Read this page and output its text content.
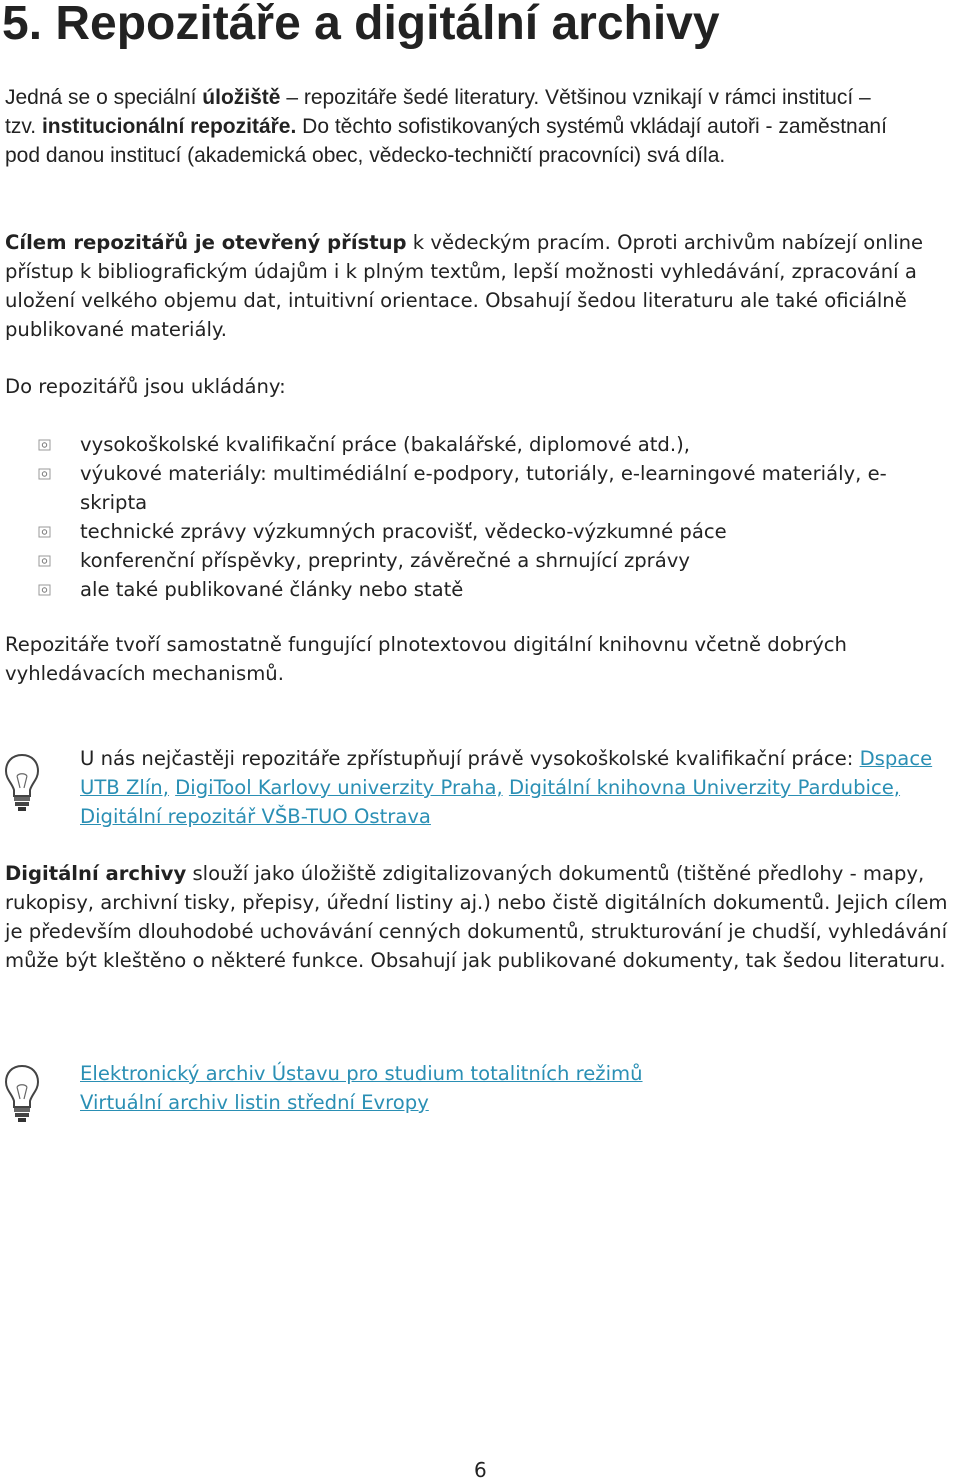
5. Repozitáře a digitální archivy

Jedná se o speciální úložiště – repozitáře šedé literatury. Většinou vznikají v rámci institucí – tzv. institucionální repozitáře. Do těchto sofistikovaných systémů vkládají autoři - zaměstnaní pod danou institucí (akademická obec, vědecko-techničtí pracovníci) svá díla.

Cílem repozitářů je otevřený přístup k vědeckým pracím. Oproti archivům nabízejí online přístup k bibliografickým údajům i k plným textům, lepší možnosti vyhledávání, zpracování a uložení velkého objemu dat, intuitivní orientace. Obsahují šedou literaturu ale také oficiálně publikované materiály.

Do repozitářů jsou ukládány:

vysokoškolské kvalifikační práce (bakalářské, diplomové atd.),
výukové materiály: multimédiální e-podpory, tutoriály, e-learningové materiály, e-skripta
technické zprávy výzkumných pracovišť, vědecko-výzkumné páce
konferenční příspěvky, preprinty, závěrečné a shrnující zprávy
ale také publikované články nebo statě

Repozitáře tvoří samostatně fungující plnotextovou digitální knihovnu včetně dobrých vyhledávacích mechanismů.

U nás nejčastěji repozitáře zpřístupňují právě vysokoškolské kvalifikační práce: Dspace UTB Zlín, DigiTool Karlovy univerzity Praha, Digitální knihovna Univerzity Pardubice, Digitální repozitář VŠB-TUO Ostrava

Digitální archivy slouží jako úložiště zdigitalizovaných dokumentů (tištěné předlohy - mapy, rukopisy, archivní tisky, přepisy, úřední listiny aj.) nebo čistě digitálních dokumentů. Jejich cílem je především dlouhodobé uchovávání cenných dokumentů, strukturování je chudší, vyhledávání může být kleštěno o některé funkce. Obsahují jak publikované dokumenty, tak šedou literaturu.

Elektronický archiv Ústavu pro studium totalitních režimů
Virtuální archiv listin střední Evropy
6
